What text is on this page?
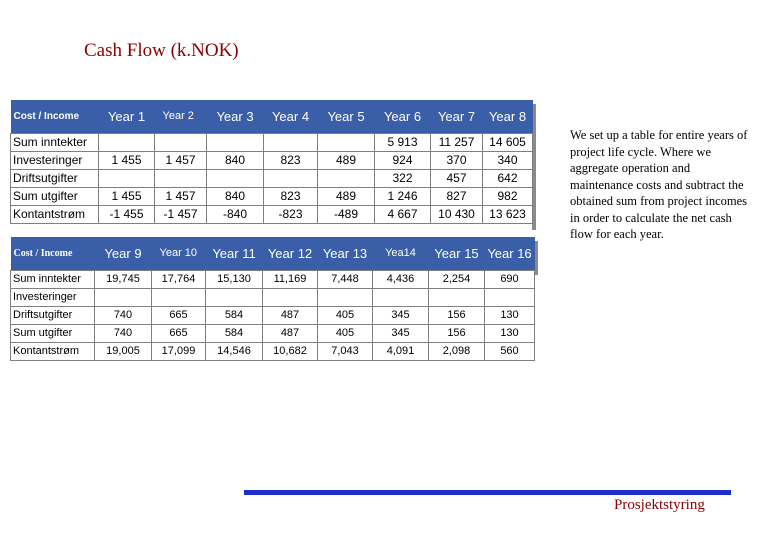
Cash Flow (k.NOK)
Cost / Income	Year 1	Year 2	Year 3	Year 4	Year 5	Year 6	Year 7	Year 8
Sum inntekter						5 913	11 257	14 605
Investeringer	1 455	1 457	840	823	489	924	370	340
Driftsutgifter						322	457	642
Sum utgifter	1 455	1 457	840	823	489	1 246	827	982
Kontantstrøm	-1 455	-1 457	-840	-823	-489	4 667	10 430	13 623
Cost / Income	Year 9	Year 10	Year 11	Year 12	Year 13	Yea14	Year 15	Year 16
Sum inntekter	19,745	17,764	15,130	11,169	7,448	4,436	2,254	690
Investeringer								
Driftsutgifter	740	665	584	487	405	345	156	130
Sum utgifter	740	665	584	487	405	345	156	130
Kontantstrøm	19,005	17,099	14,546	10,682	7,043	4,091	2,098	560
We set up a table for entire years of project life cycle. Where we aggregate operation and maintenance costs and subtract the obtained sum from project incomes in order to calculate the net cash flow for each year.
Prosjektstyring
